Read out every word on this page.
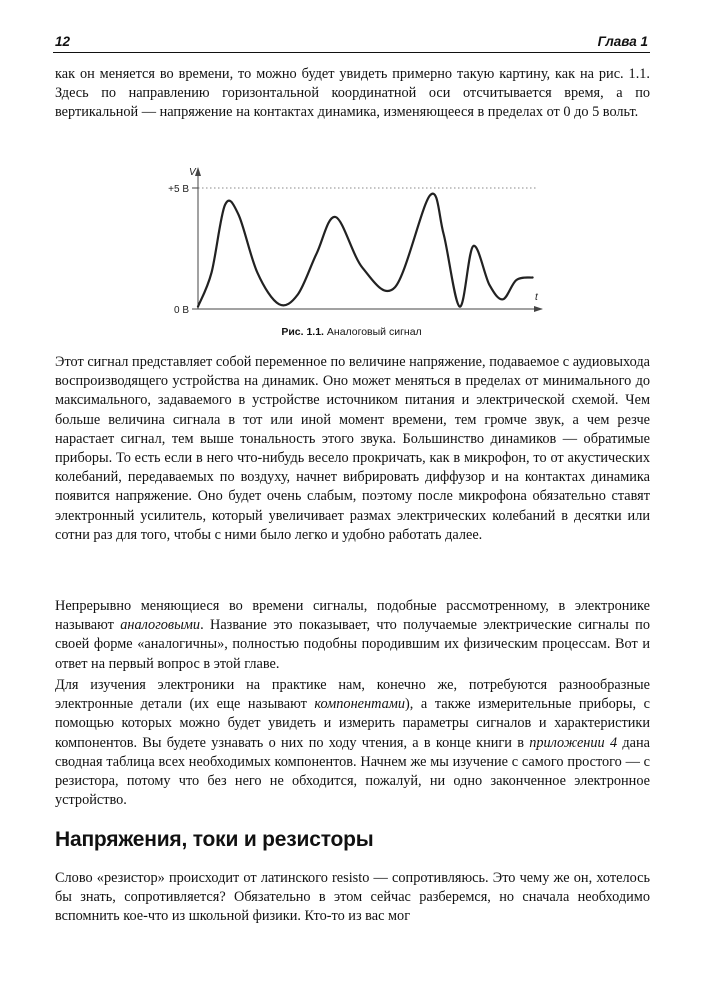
12	Глава 1

как он меняется во времени, то можно будет увидеть примерно такую картину, как на рис. 1.1. Здесь по направлению горизонтальной координатной оси отсчитывается время, а по вертикальной — напряжение на контактах динамика, изменяющееся в пределах от 0 до 5 вольт.

+5 В
0 В
V
t
Рис. 1.1. Аналоговый сигнал

Этот сигнал представляет собой переменное по величине напряжение, подаваемое с аудиовыхода воспроизводящего устройства на динамик. Оно может меняться в пределах от минимального до максимального, задаваемого в устройстве источником питания и электрической схемой. Чем больше величина сигнала в тот или иной момент времени, тем громче звук, а чем резче нарастает сигнал, тем выше тональность этого звука. Большинство динамиков — обратимые приборы. То есть если в него что-нибудь весело прокричать, как в микрофон, то от акустических колебаний, передаваемых по воздуху, начнет вибрировать диффузор и на контактах динамика появится напряжение. Оно будет очень слабым, поэтому после микрофона обязательно ставят электронный усилитель, который увеличивает размах электрических колебаний в десятки или сотни раз для того, чтобы с ними было легко и удобно работать далее.

Непрерывно меняющиеся во времени сигналы, подобные рассмотренному, в электронике называют аналоговыми. Название это показывает, что получаемые электрические сигналы по своей форме «аналогичны», полностью подобны породившим их физическим процессам. Вот и ответ на первый вопрос в этой главе.

Для изучения электроники на практике нам, конечно же, потребуются разнообразные электронные детали (их еще называют компонентами), а также измерительные приборы, с помощью которых можно будет увидеть и измерить параметры сигналов и характеристики компонентов. Вы будете узнавать о них по ходу чтения, а в конце книги в приложении 4 дана сводная таблица всех необходимых компонентов. Начнем же мы изучение с самого простого — с резистора, потому что без него не обходится, пожалуй, ни одно законченное электронное устройство.

Напряжения, токи и резисторы

Слово «резистор» происходит от латинского resisto — сопротивляюсь. Это чему же он, хотелось бы знать, сопротивляется? Обязательно в этом сейчас разберемся, но сначала необходимо вспомнить кое-что из школьной физики. Кто-то из вас мог
